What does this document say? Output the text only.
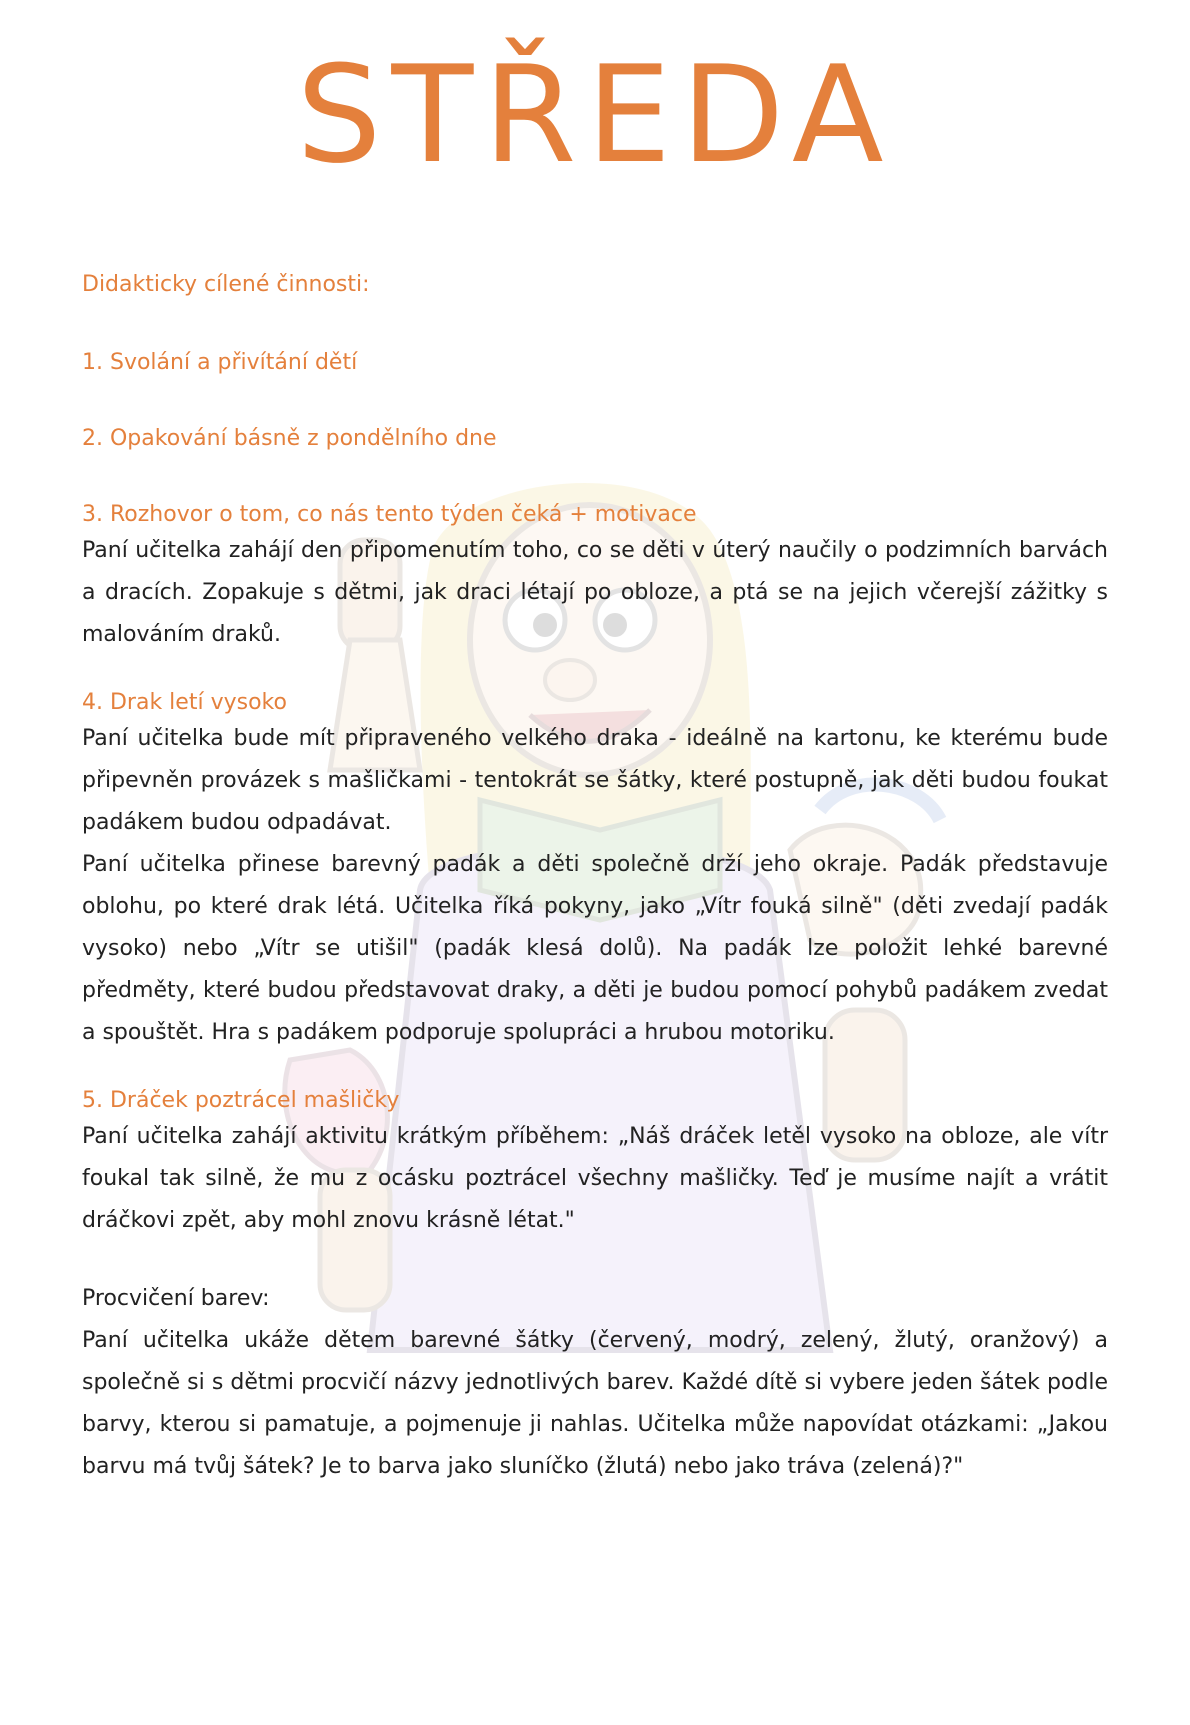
STŘEDA

Didakticky cílené činnosti:

1. Svolání a přivítání dětí

2. Opakování básně z pondělního dne

3. Rozhovor o tom, co nás tento týden čeká + motivace

Paní učitelka zahájí den připomenutím toho, co se děti v úterý naučily o podzimních barvách a dracích. Zopakuje s dětmi, jak draci létají po obloze, a ptá se na jejich včerejší zážitky s malováním draků.

4. Drak letí vysoko

Paní učitelka bude mít připraveného velkého draka - ideálně na kartonu, ke kterému bude připevněn provázek s mašličkami - tentokrát se šátky, které postupně, jak děti budou foukat padákem budou odpadávat.

Paní učitelka přinese barevný padák a děti společně drží jeho okraje. Padák představuje oblohu, po které drak létá. Učitelka říká pokyny, jako „Vítr fouká silně" (děti zvedají padák vysoko) nebo „Vítr se utišil" (padák klesá dolů). Na padák lze položit lehké barevné předměty, které budou představovat draky, a děti je budou pomocí pohybů padákem zvedat a spouštět. Hra s padákem podporuje spolupráci a hrubou motoriku.

5. Dráček poztrácel mašličky

Paní učitelka zahájí aktivitu krátkým příběhem: „Náš dráček letěl vysoko na obloze, ale vítr foukal tak silně, že mu z ocásku poztrácel všechny mašličky. Teď je musíme najít a vrátit dráčkovi zpět, aby mohl znovu krásně létat."

Procvičení barev:

Paní učitelka ukáže dětem barevné šátky (červený, modrý, zelený, žlutý, oranžový) a společně si s dětmi procvičí názvy jednotlivých barev. Každé dítě si vybere jeden šátek podle barvy, kterou si pamatuje, a pojmenuje ji nahlas. Učitelka může napovídat otázkami: „Jakou barvu má tvůj šátek? Je to barva jako sluníčko (žlutá) nebo jako tráva (zelená)?"
